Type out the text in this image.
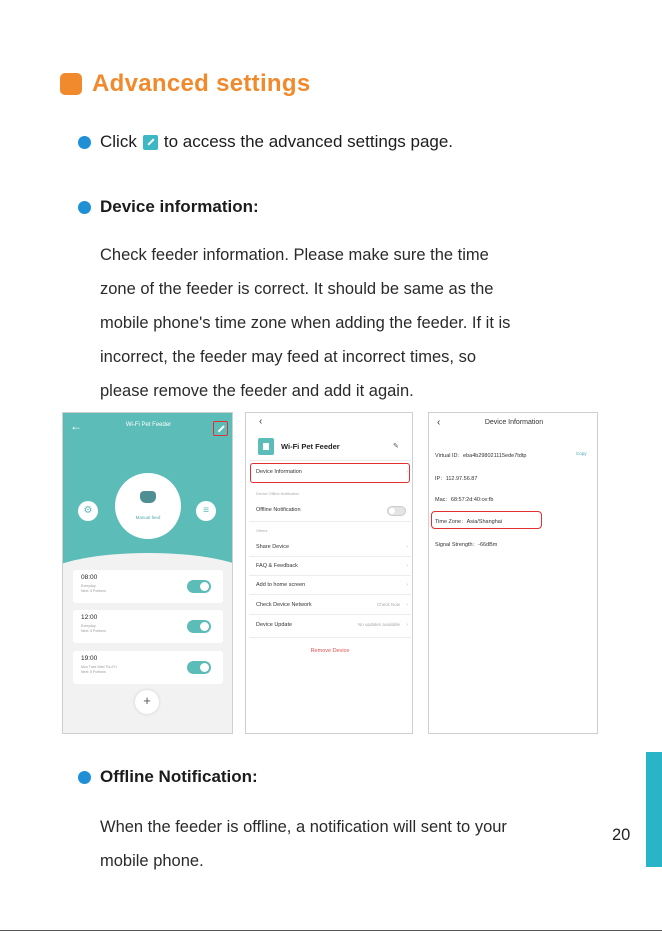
Advanced settings
Click to access the advanced settings page.
Device information:

Check feeder information. Please make sure the time

zone of the feeder is correct. It should be same as the

mobile phone's time zone when adding the feeder. If it is

incorrect, the feeder may feed at incorrect times, so

please remove the feeder and add it again.

←	Wi-Fi Pet Feeder
Manual feed
⚙	≡
08:00
Everyday
Next: 5 Portions
12:00
Everyday
Next: 5 Portions
19:00
Mon Tues Wed Thu Fri
Next: 5 Portions
+
‹
Wi-Fi Pet Feeder	✎
Device Information	›
Device Offline Notification
Offline Notification
Others
Share Device	›
FAQ & Feedback	›
Add to home screen	›
Check Device Network	Check Now ›
Device Update	No updates available ›
Remove Device
‹	Device Information
Virtual ID：eba4b298021115ede7tdtp	Copy
IP：112.97.56.87
Mac：68:57:2d:40:ce:fb
Time Zone：Asia/Shanghai
Signal Strength：-66dBm
Offline Notification:

When the feeder is offline, a notification will sent to your

mobile phone.

20
